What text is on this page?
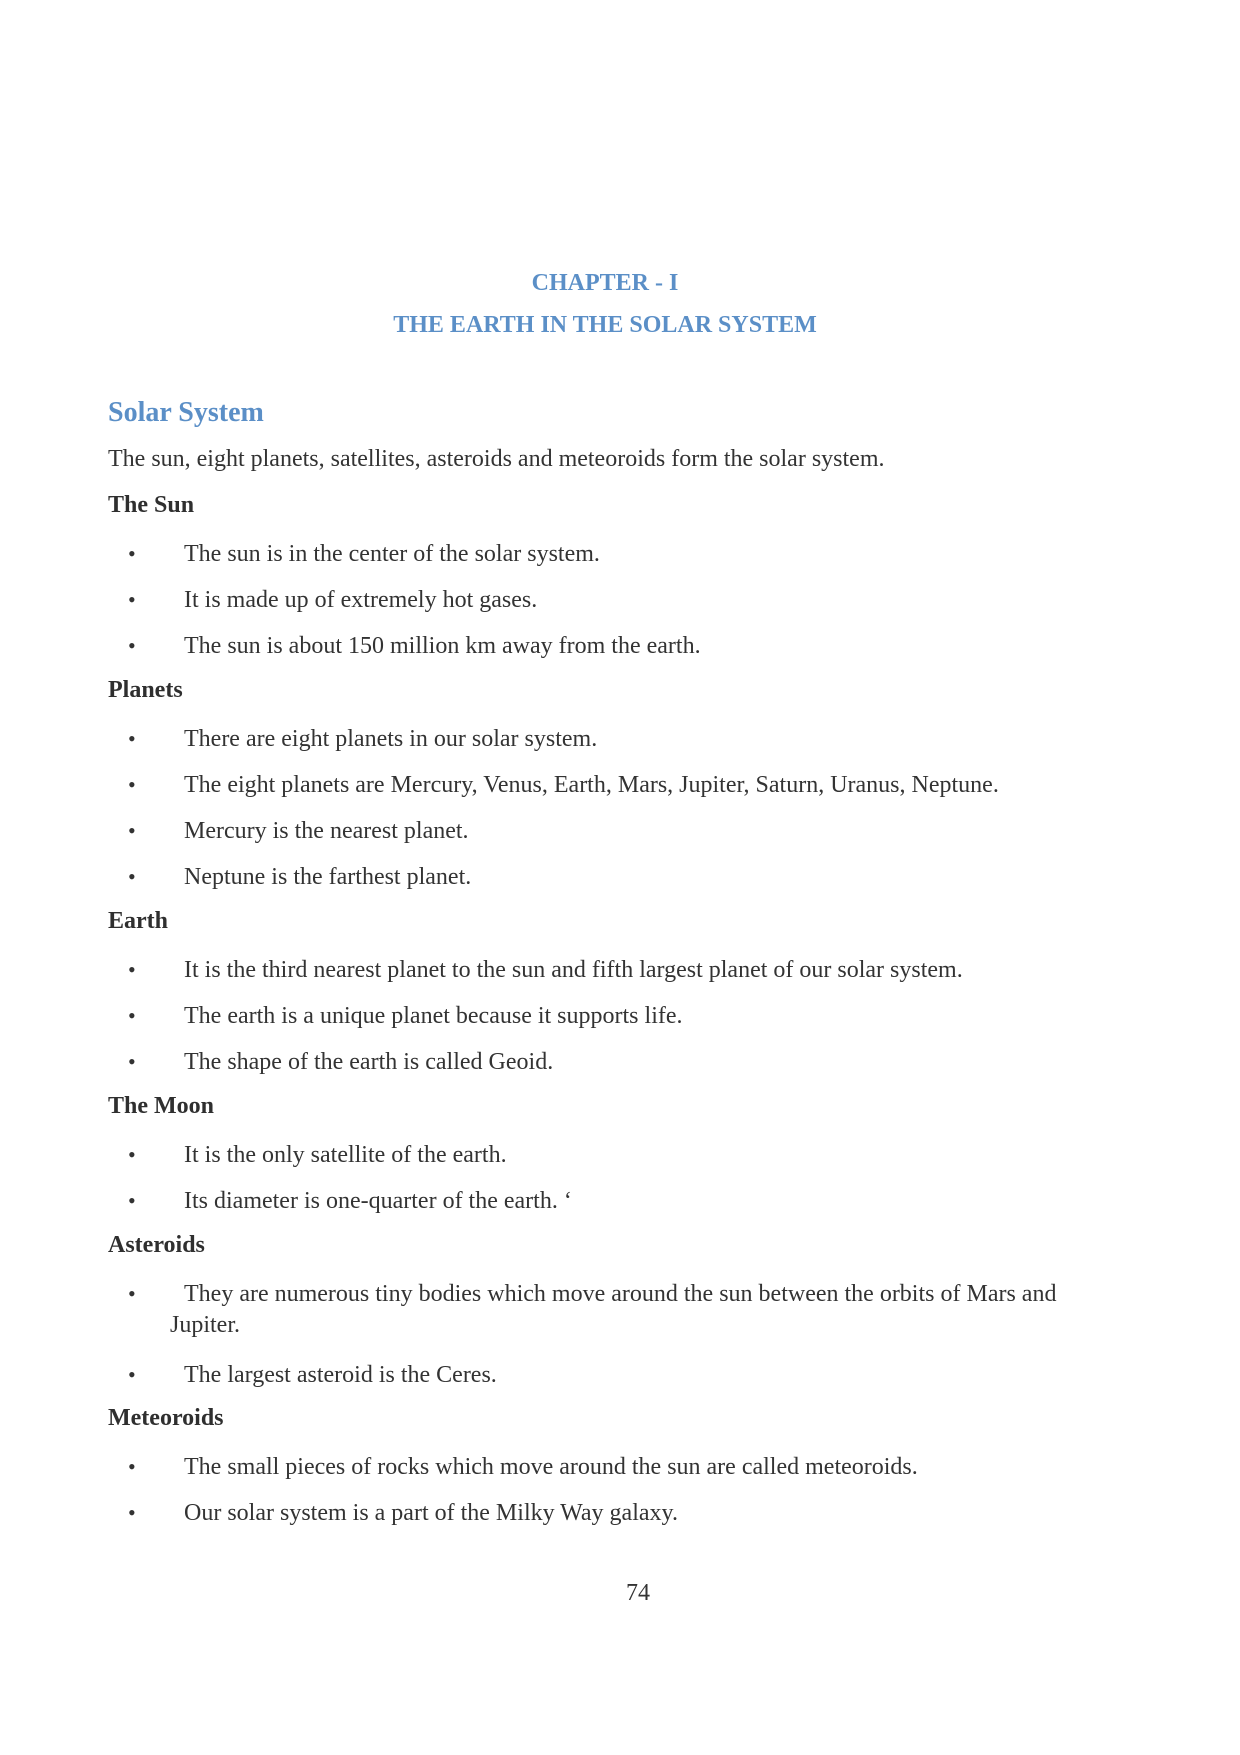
CHAPTER - I
THE EARTH IN THE SOLAR SYSTEM
Solar System
The sun, eight planets, satellites, asteroids and meteoroids form the solar system.
The Sun
•	The sun is in the center of the solar system.
•	It is made up of extremely hot gases.
•	The sun is about 150 million km away from the earth.
Planets
•	There are eight planets in our solar system.
•	The eight planets are Mercury, Venus, Earth, Mars, Jupiter, Saturn, Uranus, Neptune.
•	Mercury is the nearest planet.
•	Neptune is the farthest planet.
Earth
•	It is the third nearest planet to the sun and fifth largest planet of our solar system.
•	The earth is a unique planet because it supports life.
•	The shape of the earth is called Geoid.
The Moon
•	It is the only satellite of the earth.
•	Its diameter is one-quarter of the earth. ‘
Asteroids
•	They are numerous tiny bodies which move around the sun between the orbits of Mars and
Jupiter.
•	The largest asteroid is the Ceres.
Meteoroids
•	The small pieces of rocks which move around the sun are called meteoroids.
•	Our solar system is a part of the Milky Way galaxy.
74
